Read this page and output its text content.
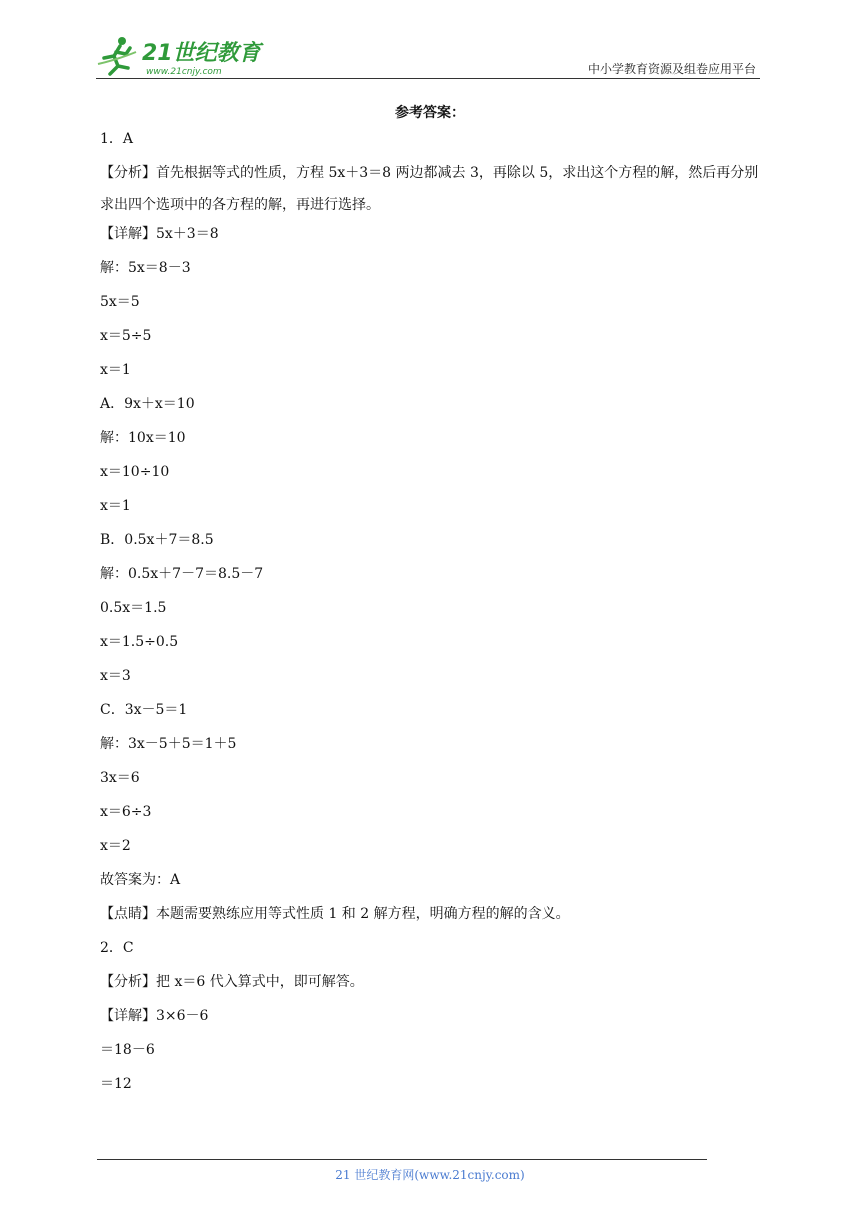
21世纪教育
www.21cnjy.com	中小学教育资源及组卷应用平台
参考答案：
1．A
【分析】首先根据等式的性质，方程 5x＋3＝8 两边都减去 3，再除以 5，求出这个方程的解，然后再分别求出四个选项中的各方程的解，再进行选择。
【详解】5x＋3＝8
解：5x＝8－3
5x＝5
x＝5÷5
x＝1
A．9x＋x＝10
解：10x＝10
x＝10÷10
x＝1
B．0.5x＋7＝8.5
解：0.5x＋7－7＝8.5－7
0.5x＝1.5
x＝1.5÷0.5
x＝3
C．3x－5＝1
解：3x－5＋5＝1＋5
3x＝6
x＝6÷3
x＝2
故答案为：A
【点睛】本题需要熟练应用等式性质 1 和 2 解方程，明确方程的解的含义。
2．C
【分析】把 x＝6 代入算式中，即可解答。
【详解】3×6－6
＝18－6
＝12
21 世纪教育网(www.21cnjy.com)
